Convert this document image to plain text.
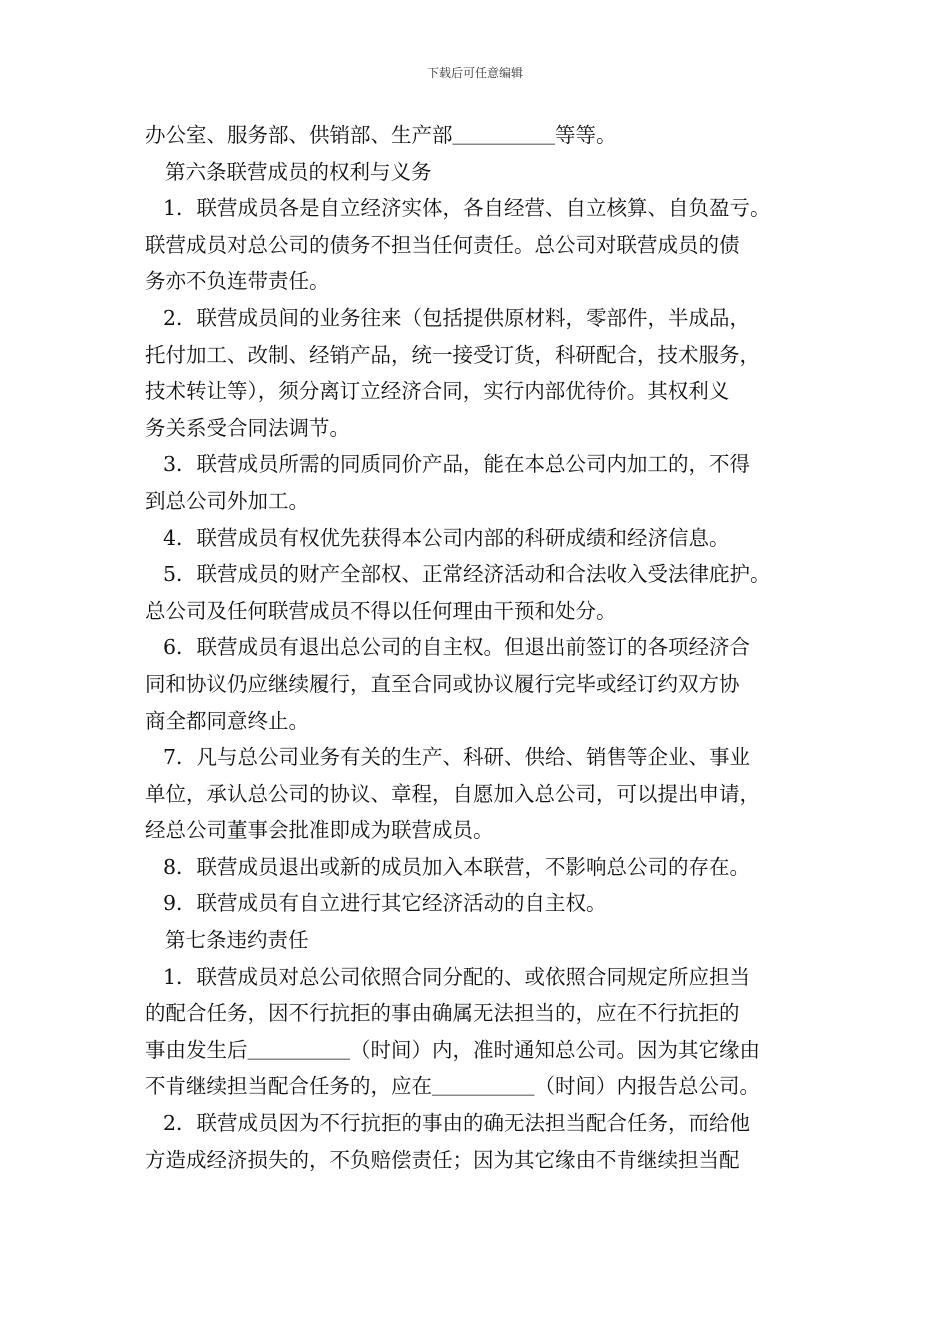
下载后可任意编辑
办公室、服务部、供销部、生产部＿＿＿＿＿等等。
第六条联营成员的权利与义务
1．联营成员各是自立经济实体，各自经营、自立核算、自负盈亏。
联营成员对总公司的债务不担当任何责任。总公司对联营成员的债
务亦不负连带责任。
2．联营成员间的业务往来（包括提供原材料，零部件，半成品，
托付加工、改制、经销产品，统一接受订货，科研配合，技术服务，
技术转让等），须分离订立经济合同，实行内部优待价。其权利义
务关系受合同法调节。
3．联营成员所需的同质同价产品，能在本总公司内加工的，不得
到总公司外加工。
4．联营成员有权优先获得本公司内部的科研成绩和经济信息。
5．联营成员的财产全部权、正常经济活动和合法收入受法律庇护。
总公司及任何联营成员不得以任何理由干预和处分。
6．联营成员有退出总公司的自主权。但退出前签订的各项经济合
同和协议仍应继续履行，直至合同或协议履行完毕或经订约双方协
商全都同意终止。
7．凡与总公司业务有关的生产、科研、供给、销售等企业、事业
单位，承认总公司的协议、章程，自愿加入总公司，可以提出申请，
经总公司董事会批准即成为联营成员。
8．联营成员退出或新的成员加入本联营，不影响总公司的存在。
9．联营成员有自立进行其它经济活动的自主权。
第七条违约责任
1．联营成员对总公司依照合同分配的、或依照合同规定所应担当
的配合任务，因不行抗拒的事由确属无法担当的，应在不行抗拒的
事由发生后＿＿＿＿＿（时间）内，准时通知总公司。因为其它缘由
不肯继续担当配合任务的，应在＿＿＿＿＿（时间）内报告总公司。
2．联营成员因为不行抗拒的事由的确无法担当配合任务，而给他
方造成经济损失的，不负赔偿责任；因为其它缘由不肯继续担当配
